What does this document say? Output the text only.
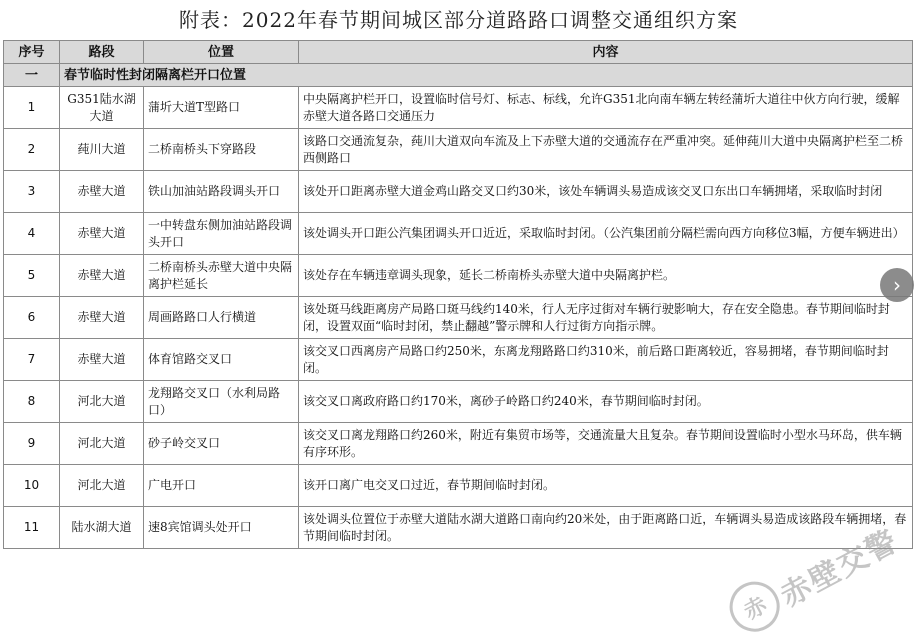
附表：2022年春节期间城区部分道路路口调整交通组织方案
序号	路段	位置	内容
一	春节临时性封闭隔离栏开口位置		
1	G351陆水湖大道	蒲圻大道T型路口	中央隔离护栏开口，设置临时信号灯、标志、标线，允许G351北向南车辆左转经蒲圻大道往中伙方向行驶，缓解赤壁大道各路口交通压力
2	莼川大道	二桥南桥头下穿路段	该路口交通流复杂，莼川大道双向车流及上下赤壁大道的交通流存在严重冲突。延伸莼川大道中央隔离护栏至二桥西侧路口
3	赤壁大道	铁山加油站路段调头开口	该处开口距离赤壁大道金鸡山路交叉口约30米，该处车辆调头易造成该交叉口东出口车辆拥堵，采取临时封闭
4	赤壁大道	一中转盘东侧加油站路段调头开口	该处调头开口距公汽集团调头开口近近，采取临时封闭。（公汽集团前分隔栏需向西方向移位3幅，方便车辆进出）
5	赤壁大道	二桥南桥头赤壁大道中央隔离护栏延长	该处存在车辆违章调头现象，延长二桥南桥头赤壁大道中央隔离护栏。
6	赤壁大道	周画路路口人行横道	该处斑马线距离房产局路口斑马线约140米，行人无序过街对车辆行驶影响大，存在安全隐患。春节期间临时封闭，设置双面“临时封闭，禁止翻越”警示牌和人行过街方向指示牌。
7	赤壁大道	体育馆路交叉口	该交叉口西离房产局路口约250米，东离龙翔路路口约310米，前后路口距离较近，容易拥堵，春节期间临时封闭。
8	河北大道	龙翔路交叉口（水利局路口）	该交叉口离政府路口约170米，离砂子岭路口约240米，春节期间临时封闭。
9	河北大道	砂子岭交叉口	该交叉口离龙翔路口约260米，附近有集贸市场等，交通流量大且复杂。春节期间设置临时小型水马环岛，供车辆有序环形。
10	河北大道	广电开口	该开口离广电交叉口过近，春节期间临时封闭。
11	陆水湖大道	速8宾馆调头处开口	该处调头位置位于赤壁大道陆水湖大道路口南向约20米处，由于距离路口近，车辆调头易造成该路段车辆拥堵，春节期间临时封闭。
›
赤 赤壁交警
